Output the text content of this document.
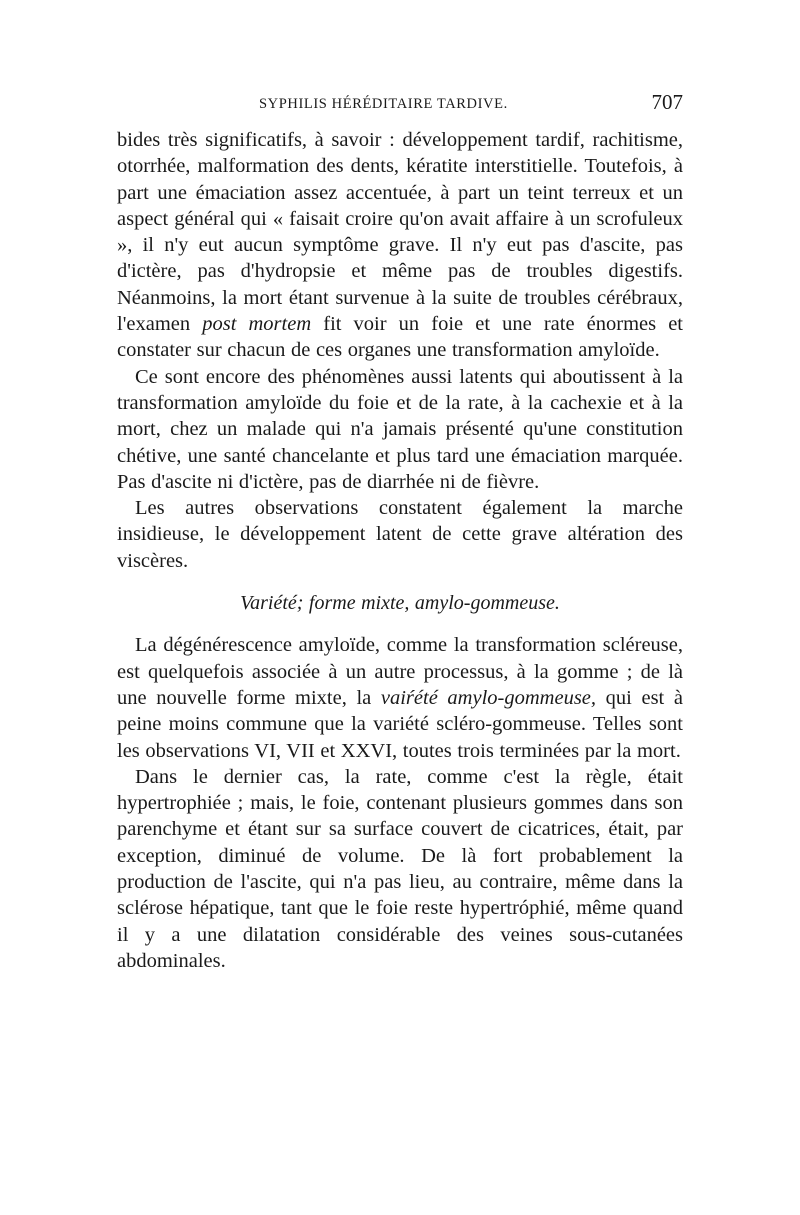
SYPHILIS HÉRÉDITAIRE TARDIVE.	707

bides très significatifs, à savoir : développement tardif, rachitisme, otorrhée, malformation des dents, kératite interstitielle. Toutefois, à part une émaciation assez accentuée, à part un teint terreux et un aspect général qui « faisait croire qu'on avait affaire à un scrofuleux », il n'y eut aucun symptôme grave. Il n'y eut pas d'ascite, pas d'ictère, pas d'hydropsie et même pas de troubles digestifs. Néanmoins, la mort étant survenue à la suite de troubles cérébraux, l'examen post mortem fit voir un foie et une rate énormes et constater sur chacun de ces organes une transformation amyloïde.

Ce sont encore des phénomènes aussi latents qui aboutissent à la transformation amyloïde du foie et de la rate, à la cachexie et à la mort, chez un malade qui n'a jamais présenté qu'une constitution chétive, une santé chancelante et plus tard une émaciation marquée. Pas d'ascite ni d'ictère, pas de diarrhée ni de fièvre.

Les autres observations constatent également la marche insidieuse, le développement latent de cette grave altération des viscères.

Variété; forme mixte, amylo-gommeuse.

La dégénérescence amyloïde, comme la transformation scléreuse, est quelquefois associée à un autre processus, à la gomme ; de là une nouvelle forme mixte, la vaiŕété amylo-gommeuse, qui est à peine moins commune que la variété scléro-gommeuse. Telles sont les observations VI, VII et XXVI, toutes trois terminées par la mort.

Dans le dernier cas, la rate, comme c'est la règle, était hypertrophiée ; mais, le foie, contenant plusieurs gommes dans son parenchyme et étant sur sa surface couvert de cicatrices, était, par exception, diminué de volume. De là fort probablement la production de l'ascite, qui n'a pas lieu, au contraire, même dans la sclérose hépatique, tant que le foie reste hypertróphié, même quand il y a une dilatation considérable des veines sous-cutanées abdominales.
